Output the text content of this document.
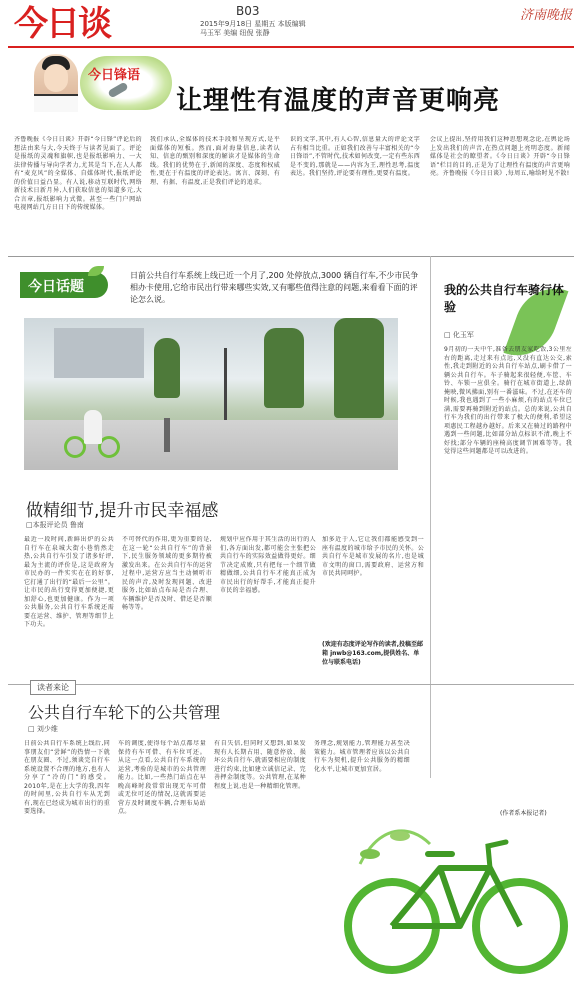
今日谈	B03
2015年9月18日 星期五 本版编辑 马玉军 美编 纽倪 张静
济南晚报
今日锋语
让理性有温度的声音更响亮
齐鲁晚报《今日日谈》开辟“今日锋”评论后的想法由来与大,今天终于与读者见面了。评论是报纸的灵魂和旗帜,也是报纸影响力、一大法律传播与导向学者力,尤其是当下,在人人都有“麦克风”的全媒体、自媒体时代,报纸评论的价值日益凸显。有人说,移动互联时代,网络新技术日新月异,人们获取信息的渠道多元,大合言章,报纸影响力式微。甚至一些门户网站电视网站几方日日下的传统媒体。
我们承认,全媒体的技术手段和呈现方式,是平面媒体的短板。然而,面对海量信息,读者认知、信息的甄别和深度的解读才是媒体的生命线。我们的优势在于,新闻的深度、态度和权威性,更在于有温度的评论表达。寓言、深刻、有理、有据、有温度,正是我们评论的追求。
识的文字,其中,有人心智,信息量大的评论文字占有相当比重。正如我们改善与丰富相关的“今日锋语”,不管时代,技术如何改变,一定有些东西是不变的,那就是——内容为王,理性思考,温度表达。我们坚持,评论要有理性,更要有温度。
会议上提出,坚持用我们这种思想观念论,在舆论场上发出我们的声音,在热点问题上亮明态度。新闻媒体是社会的瞭望者。《今日日谈》开辟“今日锋语”栏目的目的,正是为了让理性有温度的声音更响亮。齐鲁晚报《今日日谈》,每周五,喻给时见不散!
今日话题
日前公共自行车系统上线已近一个月了,200 处停放点,3000 辆自行车,不少市民争相办卡使用,它给市民出行带来哪些实效,又有哪些值得注意的问题,来看看下面的评论怎么说。
做精细节,提升市民幸福感
□本报评论员 鲁南
最近一段时间,新鲜出炉的公共自行车在泉城大街小巷悄然走热,公共自行车引发了诸多好评,最为主流的评价是,这是政府为市民办的一件实实在在的好事,它打通了出行的“最后一公里”。让市民的出行变得更加便捷,更加舒心,也更加健康。作为一项公共服务,公共自行车系统还需要在运营、维护、管理等细节上下功夫。
不可替代的作用,更为重要的是,在这一轮“公共自行车”的背景下,民生服务领域的更多期待被激发出来。在公共自行车的运营过程中,运营方应当主动倾听市民的声音,及时发现问题、改进服务,比如站点布局是否合理、车辆维护是否及时、借还是否顺畅等等。
规划中应作用于其生活的出行的人们,各方面出发,都可能会主张把公共自行车的实际效益做得更好。细节决定成败,只有把每一个细节做精做细,公共自行车才能真正成为市民出行的好帮手,才能真正提升市民的幸福感。
加多近于人,它让我们都能感受到一座有温度的城市给予市民的关怀。公共自行车是城市发展的名片,也是城市文明的窗口,需要政府、运营方和市民共同呵护。
(欢迎有态度评论写作的读者,投稿至邮箱 jnwb@163.com,提供姓名、单位与联系电话)
我的公共自行车骑行体验
□ 化玉军
9月初的一天中午,准备去朋友家吃饭,3公里左右的距离,走过来有点远,又没有直达公交,索性,我走到附近的公共自行车站点,刷卡借了一辆公共自行车。车子骑起来很轻便,车筐、车铃、车锁一应俱全。骑行在城市街道上,绿荫掩映,微风拂面,别有一番滋味。不过,在还车的时候,我也遇到了一些小麻烦,有的站点车位已满,需要再骑到附近的站点。总的来说,公共自行车为我们的出行带来了极大的便利,希望这项惠民工程越办越好。后来又在骑过的路程中遇到一些问题,比如部分站点标识不清,晚上不好找;部分车辆的座椅高度调节困难等等。我觉得这些问题都是可以改进的。
(作者系本报记者)
读者来论
公共自行车轮下的公共管理
□ 刘少维
日前公共自行车系统上线后,同事朋友们“尝鲜”的热情一下就在朋友圈、不过,须谈完自行车系统设置不合理的地方,也有人分享了“冷的门”的感受。2010年,是在上大学的我,四年的时间里,公共自行车从无到有,现在已经成为城市出行的重要选择。
车的调度,使得每个站点都尽量保持有车可借、有车位可还。从这一点看,公共自行车系统的运营,考验的是城市的公共管理能力。比如,一些热门站点在早晚高峰时段常常出现无车可借或无位可还的情况,这就需要运营方及时调度车辆,合理布局站点。
有自失信,但同时又想到,如果发现有人长期占用、随意停放、损坏公共自行车,就需要相应的制度进行约束,比如建立诚信记录、完善押金制度等。公共管理,在某种程度上说,也是一种精细化管理。
务理念,规划能力,管理能力甚至决策能力。城市管理者应该以公共自行车为契机,提升公共服务的精细化水平,让城市更加宜居。
